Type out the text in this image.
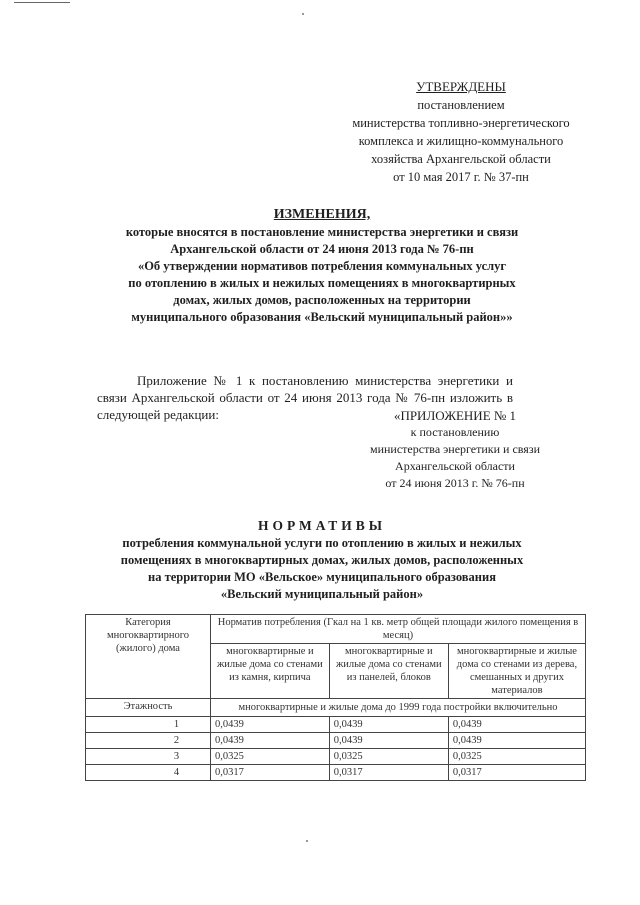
УТВЕРЖДЕНЫ
постановлением
министерства топливно-энергетического
комплекса и жилищно-коммунального
хозяйства Архангельской области
от 10 мая 2017 г. № 37-пн
ИЗМЕНЕНИЯ,
которые вносятся в постановление министерства энергетики и связи
Архангельской области от 24 июня 2013 года № 76-пн
«Об утверждении нормативов потребления коммунальных услуг
по отоплению в жилых и нежилых помещениях в многоквартирных
домах, жилых домов, расположенных на территории
муниципального образования «Вельский муниципальный район»»
Приложение № 1 к постановлению министерства энергетики и связи Архангельской области от 24 июня 2013 года № 76-пн изложить в следующей редакции:	«ПРИЛОЖЕНИЕ № 1
к постановлению
министерства энергетики и связи
Архангельской области
от 24 июня 2013 г. № 76-пн
НОРМАТИВЫ
потребления коммунальной услуги по отоплению в жилых и нежилых
помещениях в многоквартирных домах, жилых домов, расположенных
на территории МО «Вельское» муниципального образования
«Вельский муниципальный район»
Категория многоквартирного (жилого) дома	Норматив потребления (Гкал на 1 кв. метр общей площади жилого помещения в месяц)		
	многоквартирные и жилые дома со стенами из камня, кирпича	многоквартирные и жилые дома со стенами из панелей, блоков	многоквартирные и жилые дома со стенами из дерева, смешанных и других материалов
Этажность	многоквартирные и жилые дома до 1999 года постройки включительно		
1	0,0439	0,0439	0,0439
2	0,0439	0,0439	0,0439
3	0,0325	0,0325	0,0325
4	0,0317	0,0317	0,0317
